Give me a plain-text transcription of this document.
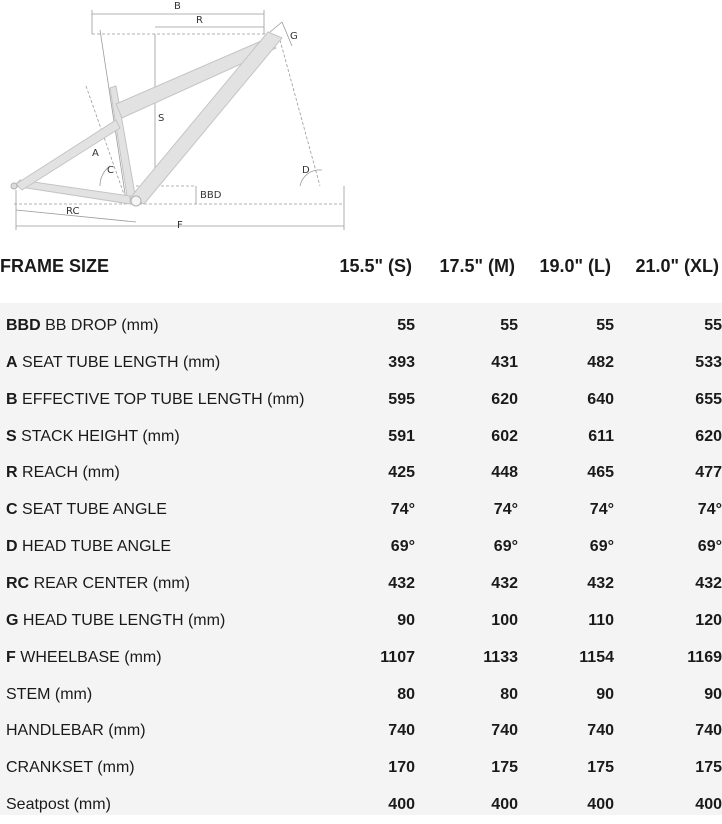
B
R
G
S
A
C	D
BBD
RC
F
FRAME SIZE	15.5" (S)	17.5" (M)	19.0" (L)	21.0" (XL)
BBD BB DROP (mm)	55	55	55	55
A SEAT TUBE LENGTH (mm)	393	431	482	533
B EFFECTIVE TOP TUBE LENGTH (mm)	595	620	640	655
S STACK HEIGHT (mm)	591	602	611	620
R REACH (mm)	425	448	465	477
C SEAT TUBE ANGLE	74°	74°	74°	74°
D HEAD TUBE ANGLE	69°	69°	69°	69°
RC REAR CENTER (mm)	432	432	432	432
G HEAD TUBE LENGTH (mm)	90	100	110	120
F WHEELBASE (mm)	1107	1133	1154	1169
STEM (mm)	80	80	90	90
HANDLEBAR (mm)	740	740	740	740
CRANKSET (mm)	170	175	175	175
Seatpost (mm)	400	400	400	400
